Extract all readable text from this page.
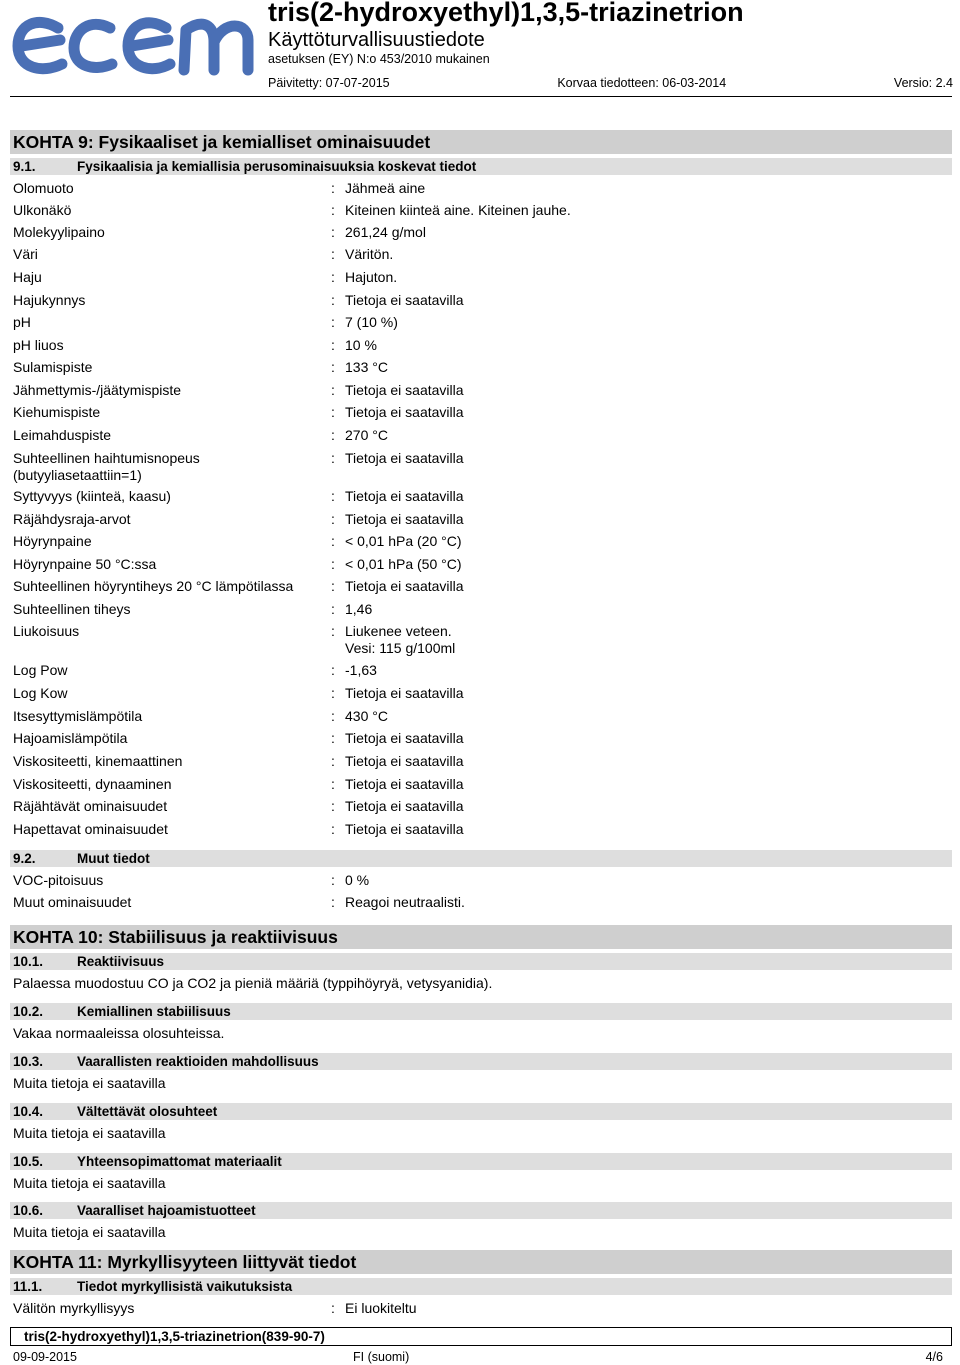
tris(2-hydroxyethyl)1,3,5-triazinetrion
Käyttöturvallisuustiedote
asetuksen (EY) N:o 453/2010 mukainen
Päivitetty: 07-07-2015	Korvaa tiedotteen: 06-03-2014	Versio: 2.4
KOHTA 9: Fysikaaliset ja kemialliset ominaisuudet
9.1.	Fysikaalisia ja kemiallisia perusominaisuuksia koskevat tiedot
Olomuoto	: Jähmeä aine
Ulkonäkö	: Kiteinen kiinteä aine. Kiteinen jauhe.
Molekyylipaino	: 261,24 g/mol
Väri	: Väritön.
Haju	: Hajuton.
Hajukynnys	: Tietoja ei saatavilla
pH	: 7 (10 %)
pH liuos	: 10 %
Sulamispiste	: 133 °C
Jähmettymis-/jäätymispiste	: Tietoja ei saatavilla
Kiehumispiste	: Tietoja ei saatavilla
Leimahduspiste	: 270 °C
Suhteellinen haihtumisnopeus
(butyyliasetaattiin=1)
: Tietoja ei saatavilla
Syttyvyys (kiinteä, kaasu)	: Tietoja ei saatavilla
Räjähdysraja-arvot	: Tietoja ei saatavilla
Höyrynpaine	: < 0,01 hPa (20 °C)
Höyrynpaine 50 °C:ssa	: < 0,01 hPa (50 °C)
Suhteellinen höyryntiheys 20 °C lämpötilassa	: Tietoja ei saatavilla
Suhteellinen tiheys	: 1,46
Liukoisuus	: Liukenee veteen.
Vesi: 115 g/100ml
Log Pow	: -1,63
Log Kow	: Tietoja ei saatavilla
Itsesyttymislämpötila	: 430 °C
Hajoamislämpötila	: Tietoja ei saatavilla
Viskositeetti, kinemaattinen	: Tietoja ei saatavilla
Viskositeetti, dynaaminen	: Tietoja ei saatavilla
Räjähtävät ominaisuudet	: Tietoja ei saatavilla
Hapettavat ominaisuudet	: Tietoja ei saatavilla
9.2.	Muut tiedot
VOC-pitoisuus	: 0 %
Muut ominaisuudet	: Reagoi neutraalisti.
KOHTA 10: Stabiilisuus ja reaktiivisuus
10.1.	Reaktiivisuus
Palaessa muodostuu CO ja CO2 ja pieniä määriä (typpihöyryä, vetysyanidia).
10.2.	Kemiallinen stabiilisuus
Vakaa normaaleissa olosuhteissa.
10.3.	Vaarallisten reaktioiden mahdollisuus
Muita tietoja ei saatavilla
10.4.	Vältettävät olosuhteet
Muita tietoja ei saatavilla
10.5.	Yhteensopimattomat materiaalit
Muita tietoja ei saatavilla
10.6.	Vaaralliset hajoamistuotteet
Muita tietoja ei saatavilla
KOHTA 11: Myrkyllisyyteen liittyvät tiedot
11.1.	Tiedot myrkyllisistä vaikutuksista
Välitön myrkyllisyys	: Ei luokiteltu
tris(2-hydroxyethyl)1,3,5-triazinetrion(839-90-7)
09-09-2015	FI (suomi)	4/6
